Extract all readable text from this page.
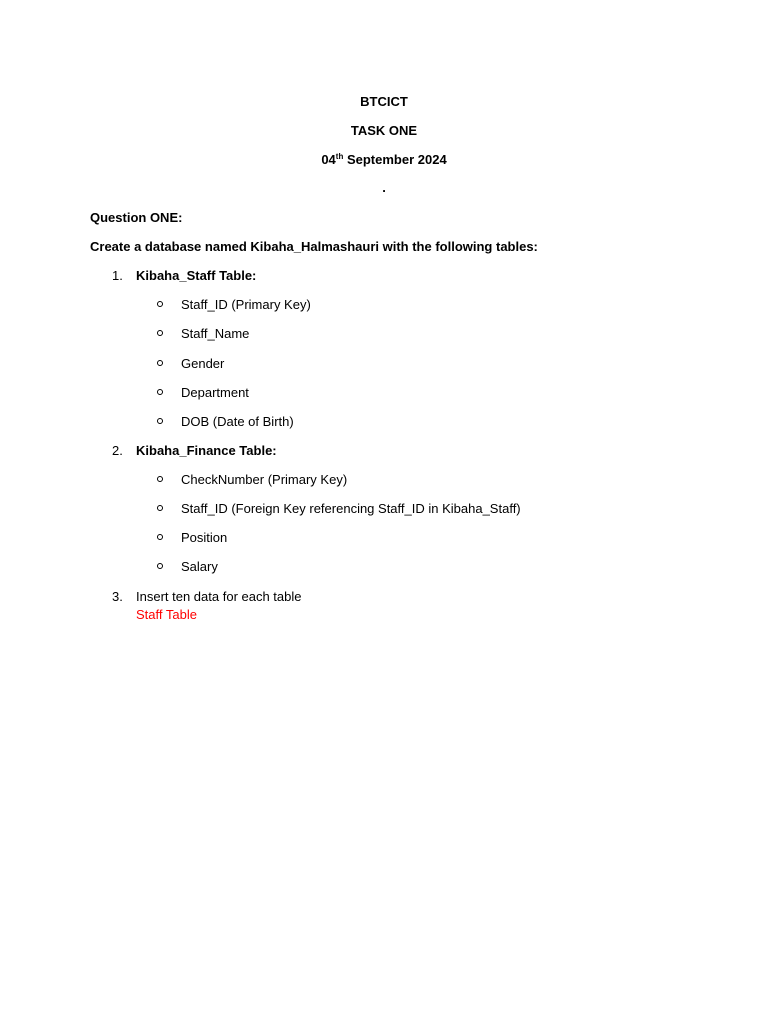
BTCICT
TASK ONE
04th September 2024
.
Question ONE:
Create a database named Kibaha_Halmashauri with the following tables:
1. Kibaha_Staff Table:
Staff_ID (Primary Key)
Staff_Name
Gender
Department
DOB (Date of Birth)
2. Kibaha_Finance Table:
CheckNumber (Primary Key)
Staff_ID (Foreign Key referencing Staff_ID in Kibaha_Staff)
Position
Salary
3. Insert ten data for each table
Staff Table
